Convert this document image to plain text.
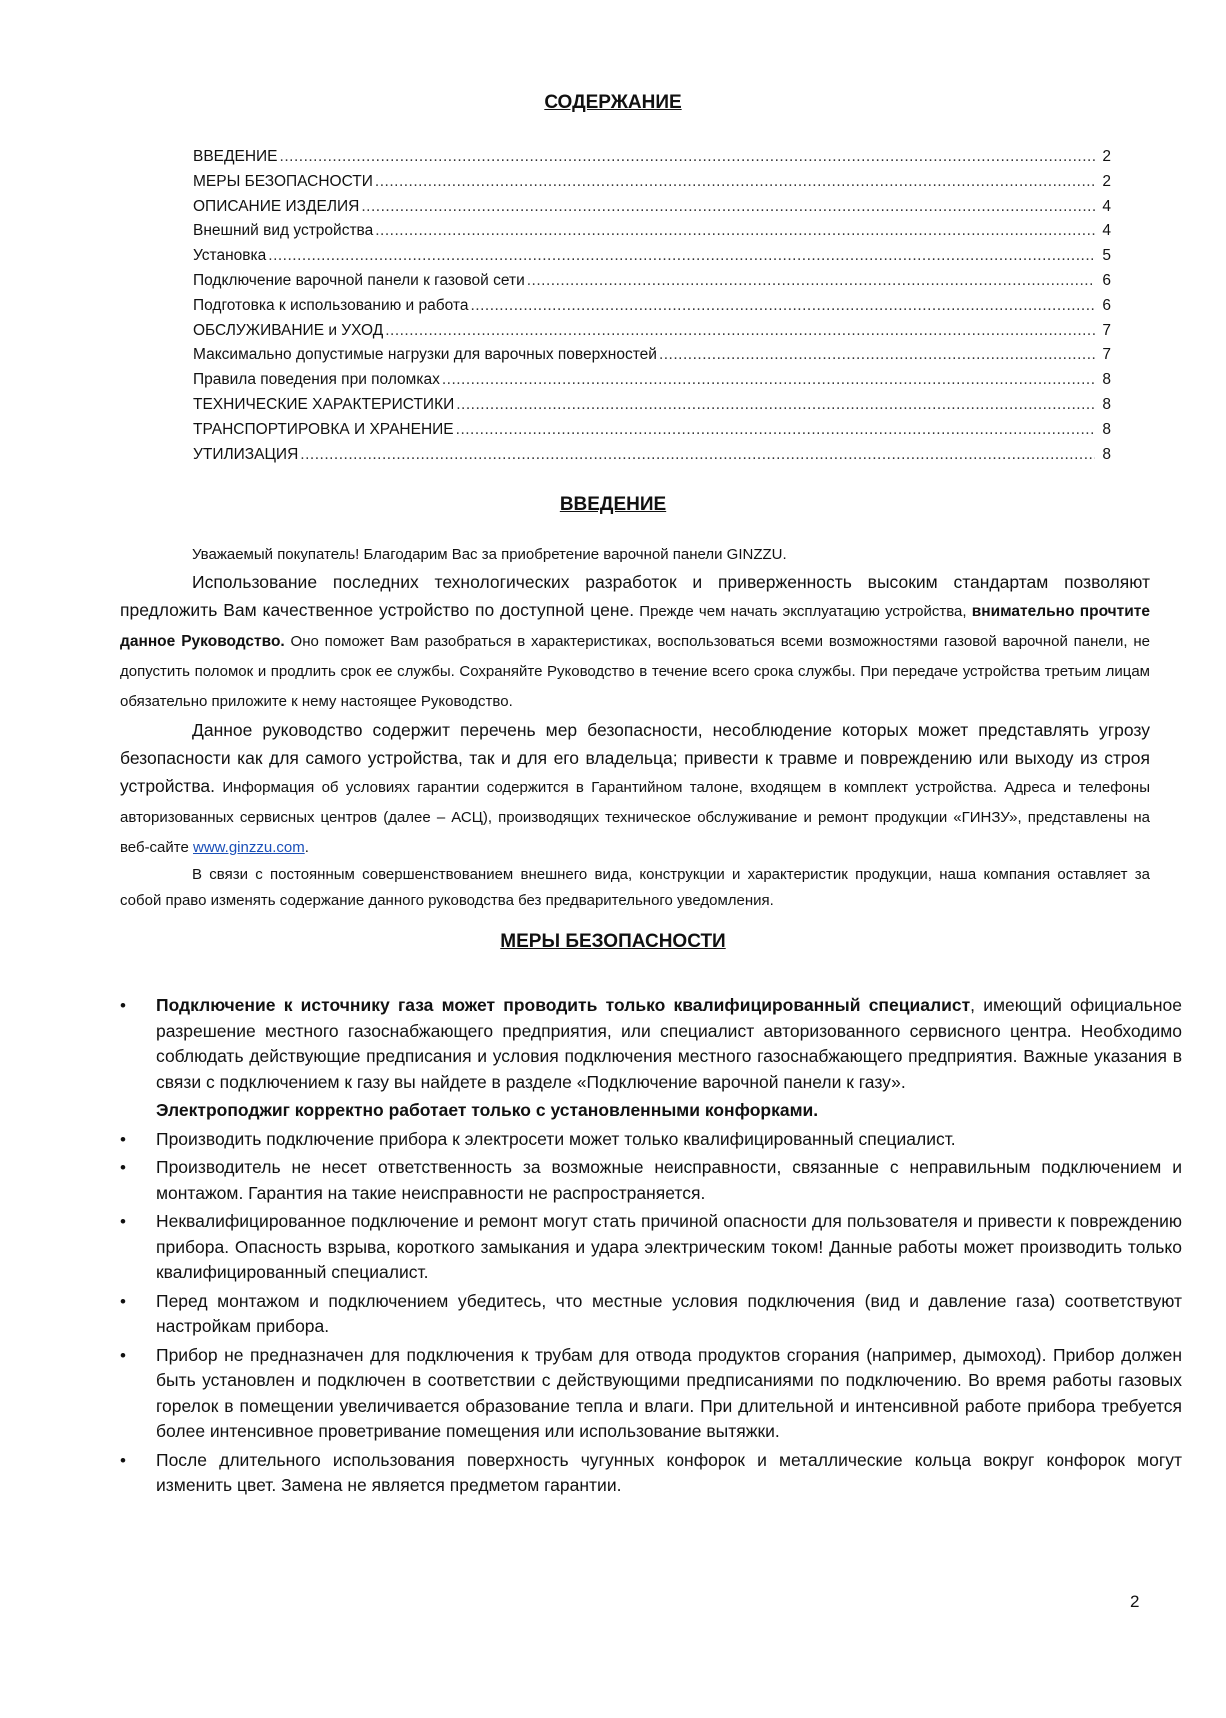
СОДЕРЖАНИЕ
ВВЕДЕНИЕ .....	2
МЕРЫ БЕЗОПАСНОСТИ .....	2
ОПИСАНИЕ ИЗДЕЛИЯ .....	4
Внешний вид устройства .....	4
Установка .....	5
Подключение варочной панели к газовой сети .....	6
Подготовка к использованию и работа .....	6
ОБСЛУЖИВАНИЕ и УХОД .....	7
Максимально допустимые нагрузки для варочных поверхностей .....	7
Правила поведения при поломках .....	8
ТЕХНИЧЕСКИЕ ХАРАКТЕРИСТИКИ .....	8
ТРАНСПОРТИРОВКА И ХРАНЕНИЕ .....	8
УТИЛИЗАЦИЯ .....	8
ВВЕДЕНИЕ

Уважаемый покупатель! Благодарим Вас за приобретение варочной панели GINZZU.

Использование последних технологических разработок и приверженность высоким стандартам позволяют предложить Вам качественное устройство по доступной цене. Прежде чем начать эксплуатацию устройства, внимательно прочтите данное Руководство. Оно поможет Вам разобраться в характеристиках, воспользоваться всеми возможностями газовой варочной панели, не допустить поломок и продлить срок ее службы. Сохраняйте Руководство в течение всего срока службы. При передаче устройства третьим лицам обязательно приложите к нему настоящее Руководство.

Данное руководство содержит перечень мер безопасности, несоблюдение которых может представлять угрозу безопасности как для самого устройства, так и для его владельца; привести к травме и повреждению или выходу из строя устройства. Информация об условиях гарантии содержится в Гарантийном талоне, входящем в комплект устройства. Адреса и телефоны авторизованных сервисных центров (далее – АСЦ), производящих техническое обслуживание и ремонт продукции «ГИНЗУ», представлены на веб-сайте www.ginzzu.com.

В связи с постоянным совершенствованием внешнего вида, конструкции и характеристик продукции, наша компания оставляет за собой право изменять содержание данного руководства без предварительного уведомления.

МЕРЫ БЕЗОПАСНОСТИ
• Подключение к источнику газа может проводить только квалифицированный специалист, имеющий официальное разрешение местного газоснабжающего предприятия, или специалист авторизованного сервисного центра. Необходимо соблюдать действующие предписания и условия подключения местного газоснабжающего предприятия. Важные указания в связи с подключением к газу вы найдете в разделе «Подключение варочной панели к газу».
Электроподжиг корректно работает только с установленными конфорками.
• Производить подключение прибора к электросети может только квалифицированный специалист.
• Производитель не несет ответственность за возможные неисправности, связанные с неправильным подключением и монтажом. Гарантия на такие неисправности не распространяется.
• Неквалифицированное подключение и ремонт могут стать причиной опасности для пользователя и привести к повреждению прибора. Опасность взрыва, короткого замыкания и удара электрическим током! Данные работы может производить только квалифицированный специалист.
• Перед монтажом и подключением убедитесь, что местные условия подключения (вид и давление газа) соответствуют настройкам прибора.
• Прибор не предназначен для подключения к трубам для отвода продуктов сгорания (например, дымоход). Прибор должен быть установлен и подключен в соответствии с действующими предписаниями по подключению. Во время работы газовых горелок в помещении увеличивается образование тепла и влаги. При длительной и интенсивной работе прибора требуется более интенсивное проветривание помещения или использование вытяжки.
• После длительного использования поверхность чугунных конфорок и металлические кольца вокруг конфорок могут изменить цвет. Замена не является предметом гарантии.
2
